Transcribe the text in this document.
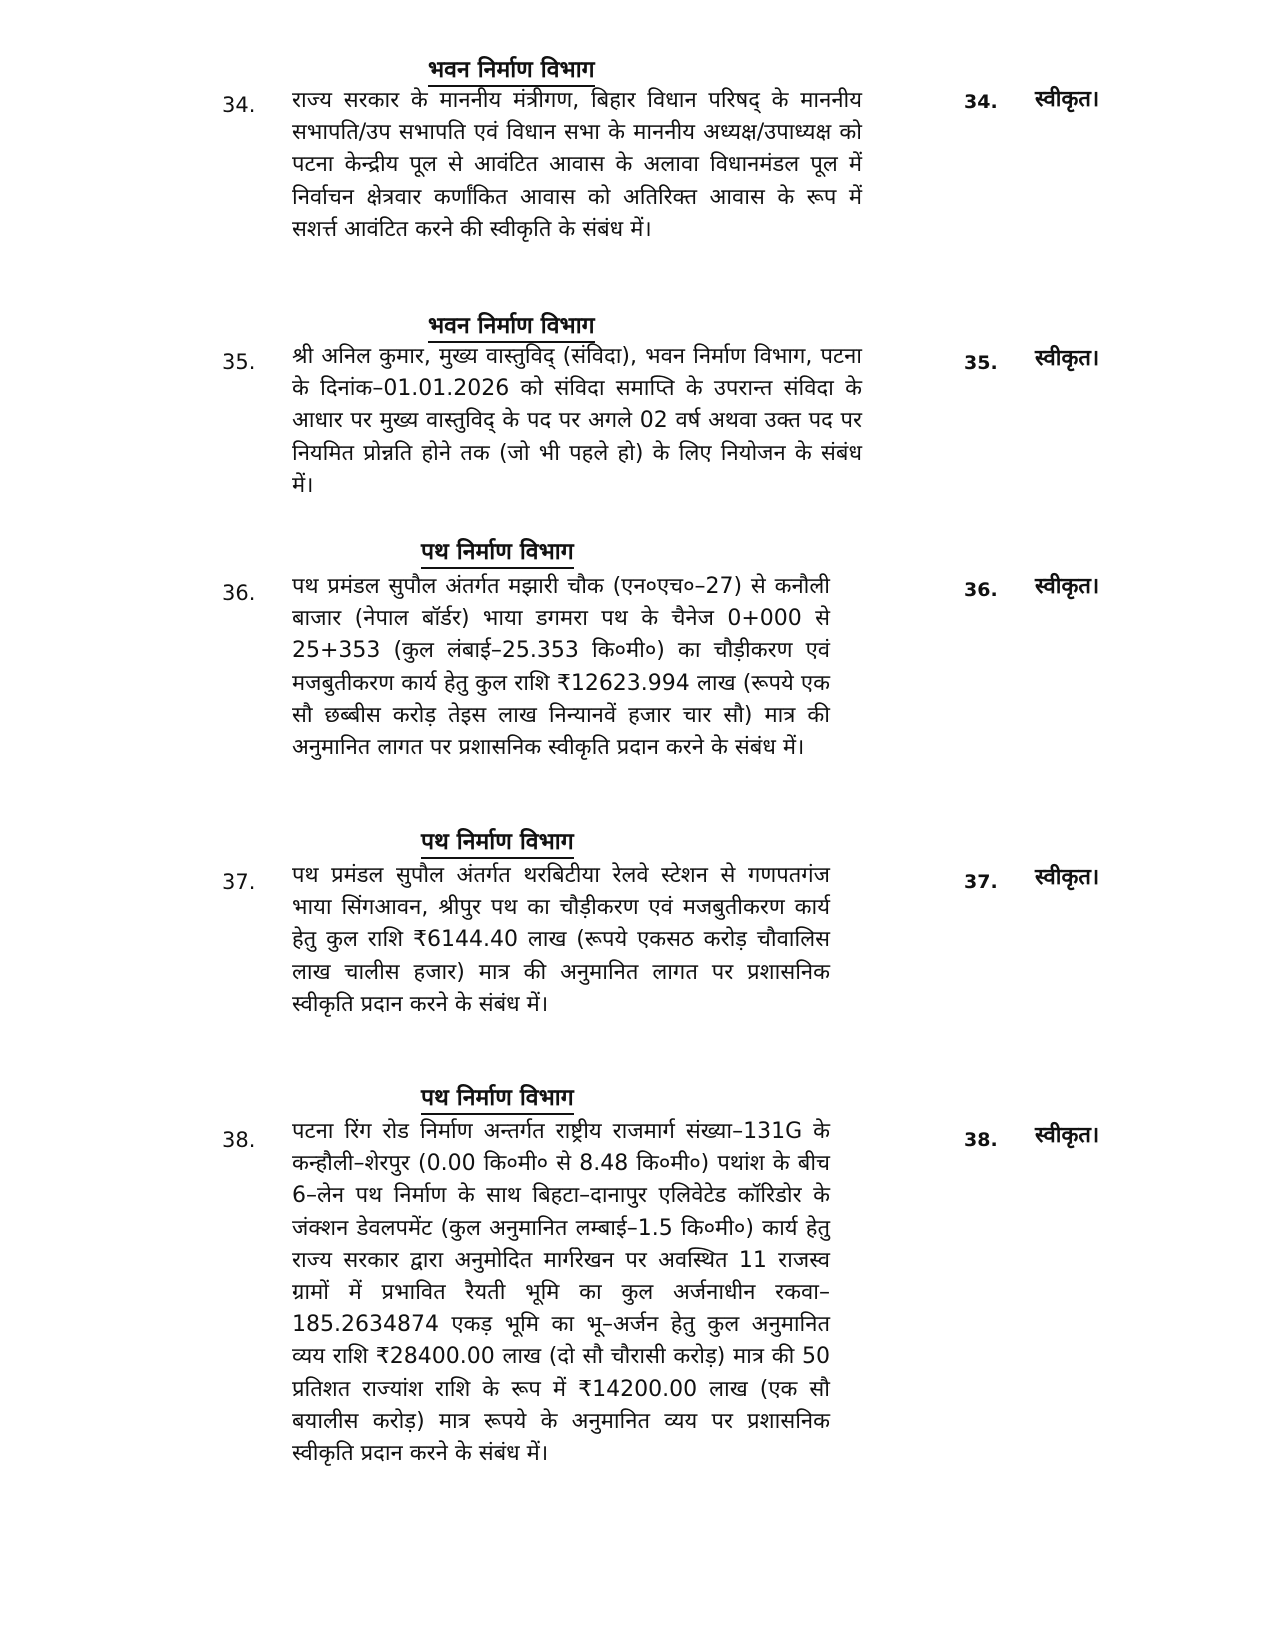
भवन निर्माण विभाग
34. राज्य सरकार के माननीय मंत्रीगण, बिहार विधान परिषद् के माननीय सभापति/उप सभापति एवं विधान सभा के माननीय अध्यक्ष/उपाध्यक्ष को पटना केन्द्रीय पूल से आवंटित आवास के अलावा विधानमंडल पूल में निर्वाचन क्षेत्रवार कर्णांकित आवास को अतिरिक्त आवास के रूप में सशर्त्त आवंटित करने की स्वीकृति के संबंध में।
34. स्वीकृत।
भवन निर्माण विभाग
35. श्री अनिल कुमार, मुख्य वास्तुविद् (संविदा), भवन निर्माण विभाग, पटना के दिनांक–01.01.2026 को संविदा समाप्ति के उपरान्त संविदा के आधार पर मुख्य वास्तुविद् के पद पर अगले 02 वर्ष अथवा उक्त पद पर नियमित प्रोन्नति होने तक (जो भी पहले हो) के लिए नियोजन के संबंध में।
35. स्वीकृत।
पथ निर्माण विभाग
36. पथ प्रमंडल सुपौल अंतर्गत मझारी चौक (एन०एच०–27) से कनौली बाजार (नेपाल बॉर्डर) भाया डगमरा पथ के चैनेज 0+000 से 25+353 (कुल लंबाई–25.353 कि०मी०) का चौड़ीकरण एवं मजबुतीकरण कार्य हेतु कुल राशि ₹12623.994 लाख (रूपये एक सौ छब्बीस करोड़ तेइस लाख निन्यानवें हजार चार सौ) मात्र की अनुमानित लागत पर प्रशासनिक स्वीकृति प्रदान करने के संबंध में।
36. स्वीकृत।
पथ निर्माण विभाग
37. पथ प्रमंडल सुपौल अंतर्गत थरबिटीया रेलवे स्टेशन से गणपतगंज भाया सिंगआवन, श्रीपुर पथ का चौड़ीकरण एवं मजबुतीकरण कार्य हेतु कुल राशि ₹6144.40 लाख (रूपये एकसठ करोड़ चौवालिस लाख चालीस हजार) मात्र की अनुमानित लागत पर प्रशासनिक स्वीकृति प्रदान करने के संबंध में।
37. स्वीकृत।
पथ निर्माण विभाग
38. पटना रिंग रोड निर्माण अन्तर्गत राष्ट्रीय राजमार्ग संख्या–131G के कन्हौली–शेरपुर (0.00 कि०मी० से 8.48 कि०मी०) पथांश के बीच 6–लेन पथ निर्माण के साथ बिहटा–दानापुर एलिवेटेड कॉरिडोर के जंक्शन डेवलपमेंट (कुल अनुमानित लम्बाई–1.5 कि०मी०) कार्य हेतु राज्य सरकार द्वारा अनुमोदित मार्गरेखन पर अवस्थित 11 राजस्व ग्रामों में प्रभावित रैयती भूमि का कुल अर्जनाधीन रकवा–185.2634874 एकड़ भूमि का भू–अर्जन हेतु कुल अनुमानित व्यय राशि ₹28400.00 लाख (दो सौ चौरासी करोड़) मात्र की 50 प्रतिशत राज्यांश राशि के रूप में ₹14200.00 लाख (एक सौ बयालीस करोड़) मात्र रूपये के अनुमानित व्यय पर प्रशासनिक स्वीकृति प्रदान करने के संबंध में।
38. स्वीकृत।
